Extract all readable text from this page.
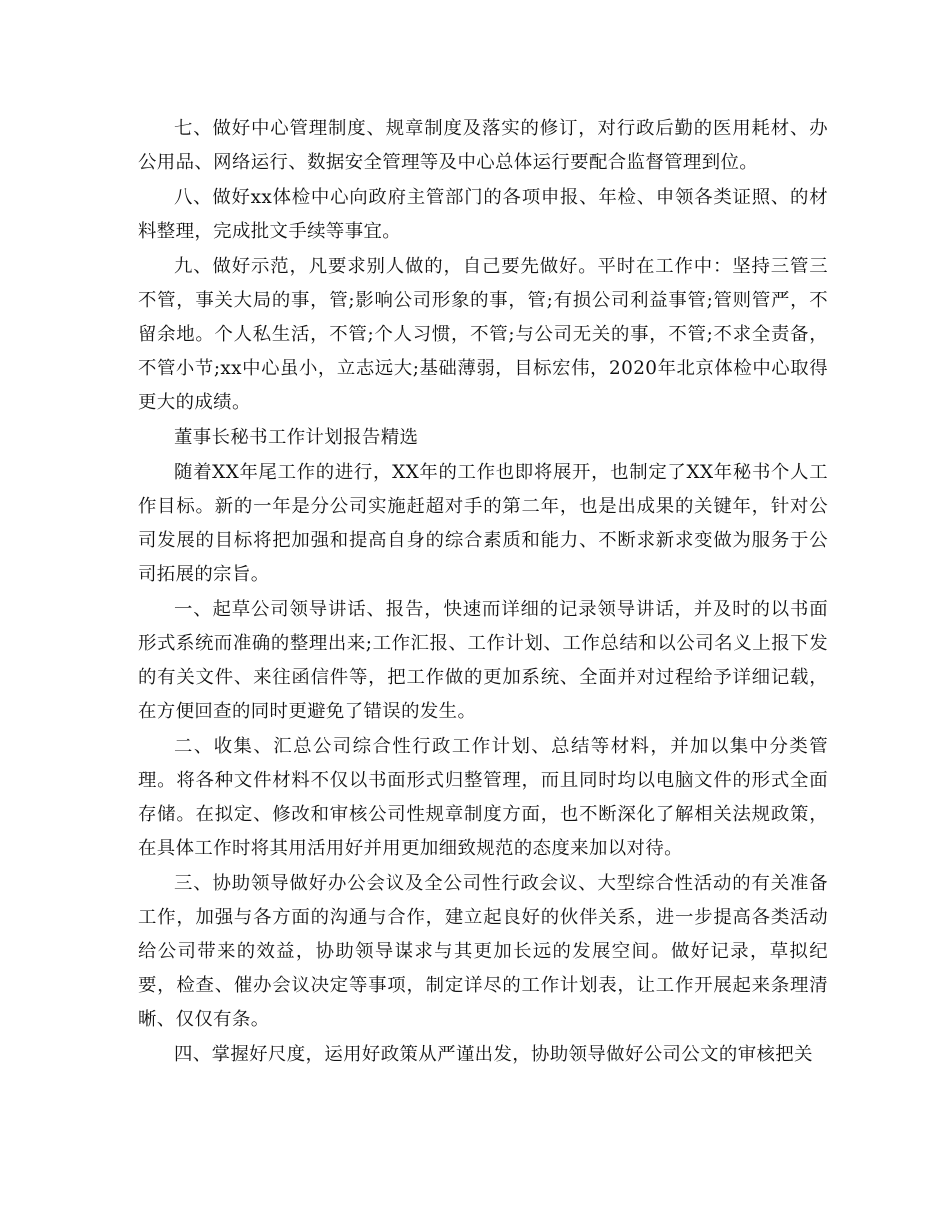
七、做好中心管理制度、规章制度及落实的修订，对行政后勤的医用耗材、办公用品、网络运行、数据安全管理等及中心总体运行要配合监督管理到位。

八、做好xx体检中心向政府主管部门的各项申报、年检、申领各类证照、的材料整理，完成批文手续等事宜。

九、做好示范，凡要求别人做的，自己要先做好。平时在工作中：坚持三管三不管，事关大局的事，管;影响公司形象的事，管;有损公司利益事管;管则管严，不留余地。个人私生活，不管;个人习惯，不管;与公司无关的事，不管;不求全责备，不管小节;xx中心虽小，立志远大;基础薄弱，目标宏伟，2020年北京体检中心取得更大的成绩。

董事长秘书工作计划报告精选

随着XX年尾工作的进行，XX年的工作也即将展开，也制定了XX年秘书个人工作目标。新的一年是分公司实施赶超对手的第二年，也是出成果的关键年，针对公司发展的目标将把加强和提高自身的综合素质和能力、不断求新求变做为服务于公司拓展的宗旨。

一、起草公司领导讲话、报告，快速而详细的记录领导讲话，并及时的以书面形式系统而准确的整理出来;工作汇报、工作计划、工作总结和以公司名义上报下发的有关文件、来往函信件等，把工作做的更加系统、全面并对过程给予详细记载，在方便回查的同时更避免了错误的发生。

二、收集、汇总公司综合性行政工作计划、总结等材料，并加以集中分类管理。将各种文件材料不仅以书面形式归整管理，而且同时均以电脑文件的形式全面存储。在拟定、修改和审核公司性规章制度方面，也不断深化了解相关法规政策，在具体工作时将其用活用好并用更加细致规范的态度来加以对待。

三、协助领导做好办公会议及全公司性行政会议、大型综合性活动的有关准备工作，加强与各方面的沟通与合作，建立起良好的伙伴关系，进一步提高各类活动给公司带来的效益，协助领导谋求与其更加长远的发展空间。做好记录，草拟纪要，检查、催办会议决定等事项，制定详尽的工作计划表，让工作开展起来条理清晰、仅仅有条。

四、掌握好尺度，运用好政策从严谨出发，协助领导做好公司公文的审核把关
